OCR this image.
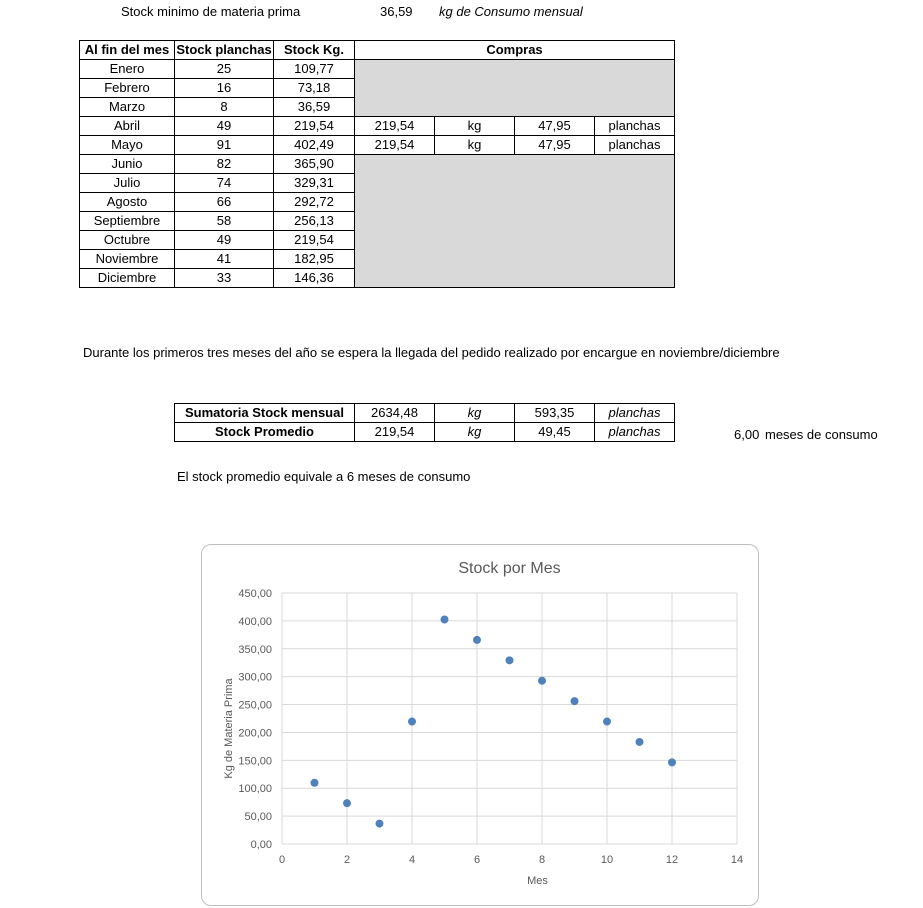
Stock minimo de materia prima	36,59 kg de Consumo mensual
Al fin del mes	Stock planchas	Stock Kg.	Compras			
Enero	25	109,77				
Febrero	16	73,18				
Marzo	8	36,59				
Abril	49	219,54	219,54	kg	47,95	planchas
Mayo	91	402,49	219,54	kg	47,95	planchas
Junio	82	365,90				
Julio	74	329,31				
Agosto	66	292,72				
Septiembre	58	256,13				
Octubre	49	219,54				
Noviembre	41	182,95				
Diciembre	33	146,36				
Durante los primeros tres meses del año se espera la llegada del pedido realizado por encargue en noviembre/diciembre
Sumatoria Stock mensual	2634,48	kg	593,35	planchas
Stock Promedio	219,54	kg	49,45	planchas	6,00 meses de consumo
El stock promedio equivale a 6 meses de consumo
Stock por Mes
0,00
50,00
100,00
150,00
200,00
250,00
300,00
350,00
400,00
450,00
0	2	4	6	8	10	12	14
Mes
Kg de Materia Prima
